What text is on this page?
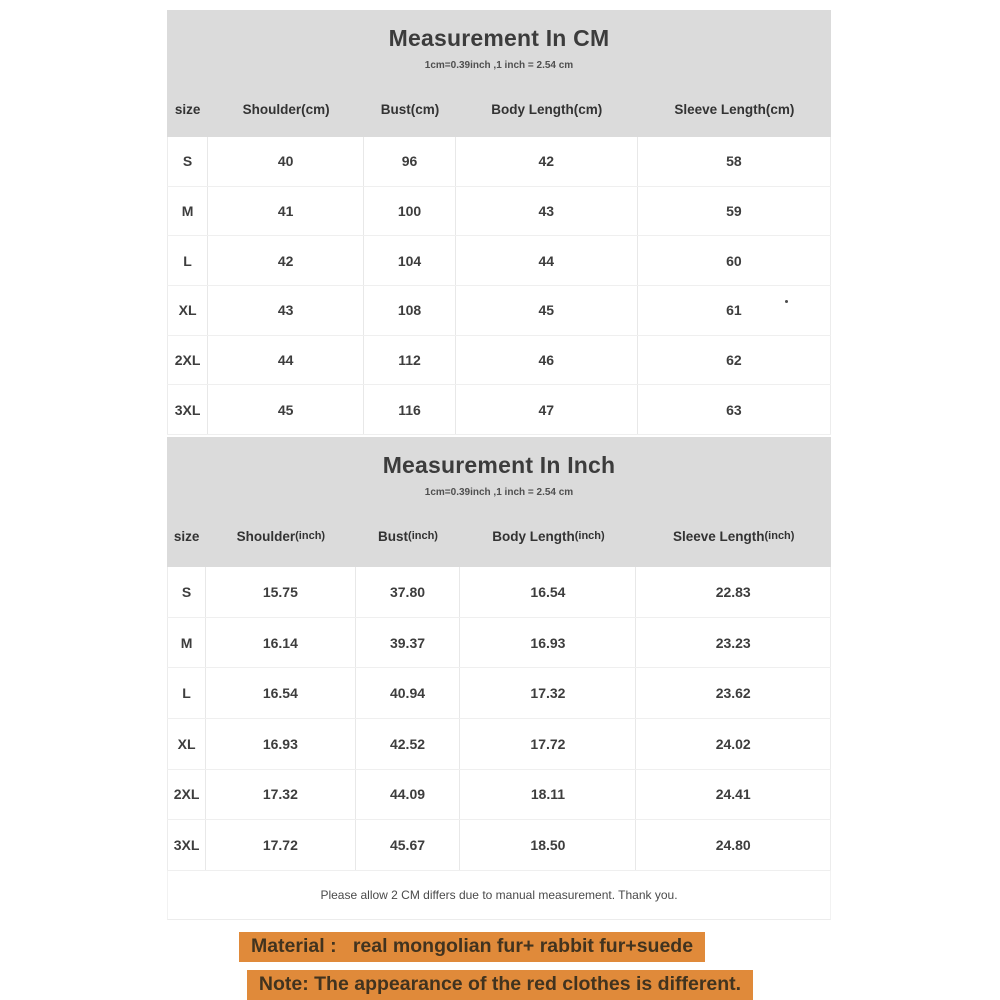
Measurement In CM
1cm=0.39inch ,1 inch = 2.54 cm
size	Shoulder(cm)	Bust(cm)	Body Length(cm)	Sleeve Length(cm)
S	40	96	42	58
M	41	100	43	59
L	42	104	44	60
XL	43	108	45	61
2XL	44	112	46	62
3XL	45	116	47	63
Measurement In Inch
1cm=0.39inch ,1 inch = 2.54 cm
size	Shoulder (inch)	Bust (inch)	Body Length (inch)	Sleeve Length (inch)
S	15.75	37.80	16.54	22.83
M	16.14	39.37	16.93	23.23
L	16.54	40.94	17.32	23.62
XL	16.93	42.52	17.72	24.02
2XL	17.32	44.09	18.11	24.41
3XL	17.72	45.67	18.50	24.80
Please allow 2 CM differs due to manual measurement. Thank you.
Material :   real mongolian fur+ rabbit fur+suede
Note: The appearance of the red clothes is different.
